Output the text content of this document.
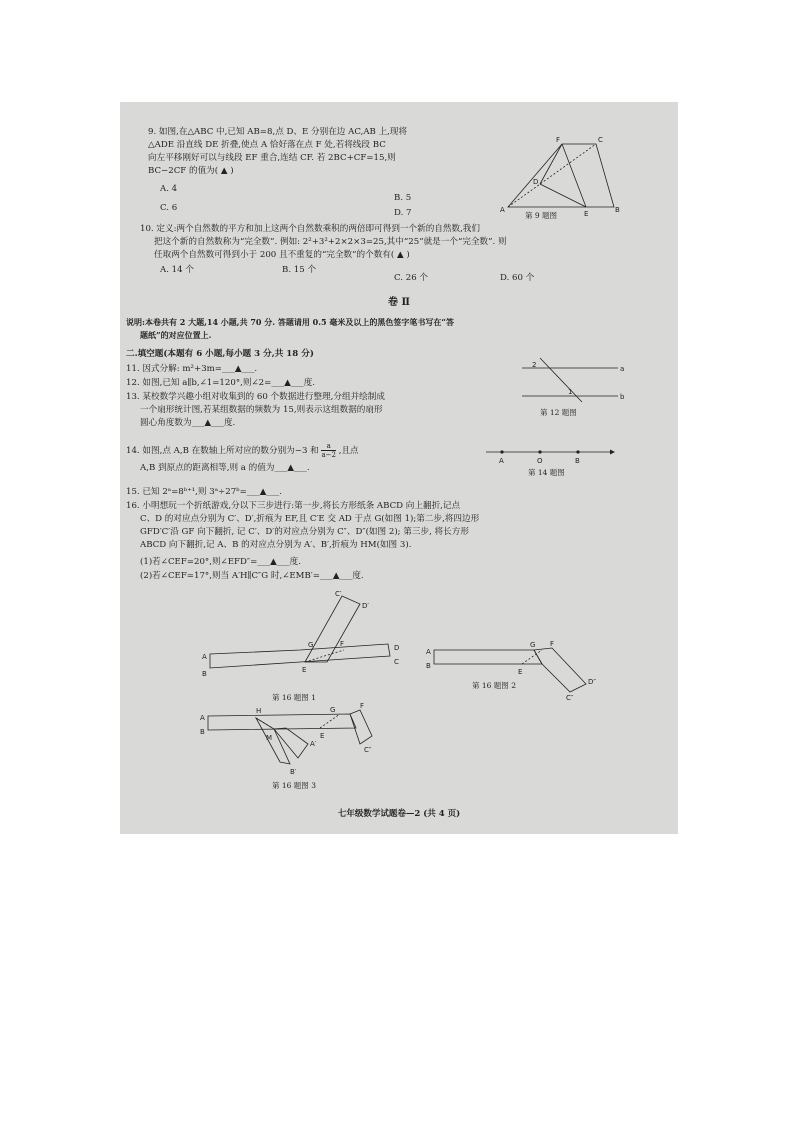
9. 如图,在△ABC 中,已知 AB=8,点 D、E 分别在边 AC,AB 上,现将
△ADE 沿直线 DE 折叠,使点 A 恰好落在点 F 处,若将线段 BC
向左平移刚好可以与线段 EF 重合,连结 CF. 若 2BC+CF=15,则
BC−2CF 的值为( ▲ )
A. 4
B. 5
C. 6	D. 7
F	C
D
A	E	B
第 9 题图
10. 定义:两个自然数的平方和加上这两个自然数乘积的两倍即可得到一个新的自然数,我们
把这个新的自然数称为“完全数”. 例如: 2²+3²+2×2×3=25,其中“25”就是一个“完全数”. 则
任取两个自然数可得到小于 200 且不重复的“完全数”的个数有( ▲ )
A. 14 个	B. 15 个
C. 26 个	D. 60 个
卷 Ⅱ
说明:本卷共有 2 大题,14 小题,共 70 分. 答题请用 0.5 毫米及以上的黑色签字笔书写在“答
题纸”的对应位置上.
二.填空题(本题有 6 小题,每小题 3 分,共 18 分)
11. 因式分解: m²+3m=___▲___.
12. 如图,已知 a∥b,∠1=120°,则∠2=___▲___度.
2
1
a
b
第 12 题图
13. 某校数学兴趣小组对收集到的 60 个数据进行整理,分组并绘制成
一个扇形统计图,若某组数据的频数为 15,则表示这组数据的扇形
圆心角度数为___▲___度.
14. 如图,点 A,B 在数轴上所对应的数分别为−3 和 $\frac{a}{a-2}$ ,且点
A,B 到原点的距离相等,则 a 的值为___▲___.
A	O	B
第 14 题图
15. 已知 2ᵃ=8ᵇ⁺¹,则 3ᵃ÷27ᵇ=___▲___.
16. 小明想玩一个折纸游戏,分以下三步进行:第一步,将长方形纸条 ABCD 向上翻折,记点
C、D 的对应点分别为 C′、D′,折痕为 EF,且 C′E 交 AD 于点 G(如图 1);第二步,将四边形
GFD′C′沿 GF 向下翻折, 记 C′、D′的对应点分别为 C″、D″(如图 2); 第三步, 将长方形
ABCD 向下翻折,记 A、B 的对应点分别为 A′、B′,折痕为 HM(如图 3).
(1)若∠CEF=20°,则∠EFD″=___▲___度.
(2)若∠CEF=17°,则当 A′H∥C″G 时,∠EMB′=___▲___度.
A
B
C
D
E
F
G
C′
D′
第 16 题图 1
A
B
G F
E
D″
C″
第 16 题图 2
A
B
H	G	F
M	E
A′
B′
C″
第 16 题图 3
七年级数学试题卷—2 (共 4 页)
